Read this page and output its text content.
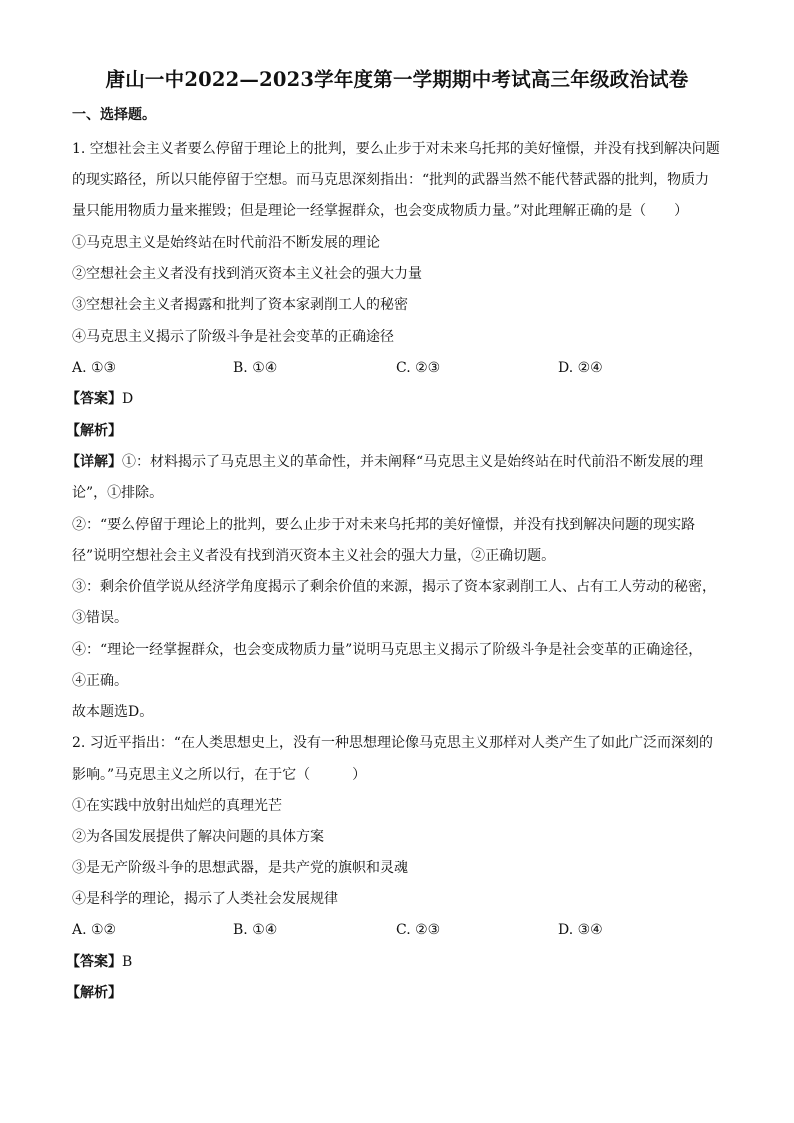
唐山一中2022—2023学年度第一学期期中考试高三年级政治试卷
一、选择题。
1. 空想社会主义者要么停留于理论上的批判，要么止步于对未来乌托邦的美好憧憬，并没有找到解决问题
的现实路径，所以只能停留于空想。而马克思深刻指出：“批判的武器当然不能代替武器的批判，物质力
量只能用物质力量来摧毁；但是理论一经掌握群众，也会变成物质力量。”对此理解正确的是（　　）
①马克思主义是始终站在时代前沿不断发展的理论
②空想社会主义者没有找到消灭资本主义社会的强大力量
③空想社会主义者揭露和批判了资本家剥削工人的秘密
④马克思主义揭示了阶级斗争是社会变革的正确途径
A. ①③	B. ①④	C. ②③	D. ②④
【答案】D
【解析】
【详解】①：材料揭示了马克思主义的革命性，并未阐释“马克思主义是始终站在时代前沿不断发展的理
论”，①排除。
②：“要么停留于理论上的批判，要么止步于对未来乌托邦的美好憧憬，并没有找到解决问题的现实路
径”说明空想社会主义者没有找到消灭资本主义社会的强大力量，②正确切题。
③：剩余价值学说从经济学角度揭示了剩余价值的来源，揭示了资本家剥削工人、占有工人劳动的秘密，
③错误。
④：“理论一经掌握群众，也会变成物质力量”说明马克思主义揭示了阶级斗争是社会变革的正确途径，
④正确。
故本题选D。
2. 习近平指出：“在人类思想史上，没有一种思想理论像马克思主义那样对人类产生了如此广泛而深刻的
影响。”马克思主义之所以行，在于它（　　　）
①在实践中放射出灿烂的真理光芒
②为各国发展提供了解决问题的具体方案
③是无产阶级斗争的思想武器，是共产党的旗帜和灵魂
④是科学的理论，揭示了人类社会发展规律
A. ①②	B. ①④	C. ②③	D. ③④
【答案】B
【解析】
